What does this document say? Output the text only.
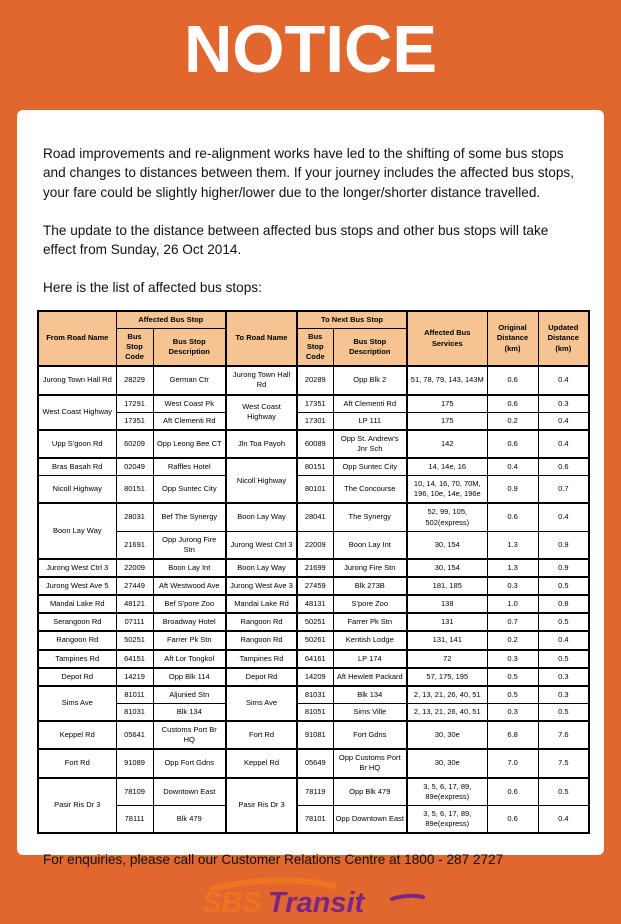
NOTICE

Road improvements and re-alignment works have led to the shifting of some bus stops and changes to distances between them. If your journey includes the affected bus stops, your fare could be slightly higher/lower due to the longer/shorter distance travelled.

The update to the distance between affected bus stops and other bus stops will take effect from Sunday, 26 Oct 2014.

Here is the list of affected bus stops:

From Road Name	Affected Bus Stop		To Road Name	To Next Bus Stop		Affected Bus Services	Original Distance (km)	Updated Distance (km)
	Bus Stop Code	Bus Stop Description		Bus Stop Code	Bus Stop Description			
Jurong Town Hall Rd	28229	German Ctr	Jurong Town Hall Rd	20289	Opp Blk 2	51, 78, 79, 143, 143M	0.6	0.4
West Coast Highway	17291	West Coast Pk	West Coast Highway	17351	Aft Clementi Rd	175	0.6	0.3
	17351	Aft Clementi Rd		17301	LP 111	175	0.2	0.4
Upp S'goon Rd	60209	Opp Leong Bee CT	Jln Toa Payoh	60089	Opp St. Andrew's Jnr Sch	142	0.6	0.4
Bras Basah Rd	02049	Raffles Hotel	Nicoll Highway	80151	Opp Suntec City	14, 14e, 16	0.4	0.6
Nicoll Highway	80151	Opp Suntec City		80101	The Concourse	10, 14, 16, 70, 70M, 196, 10e, 14e, 196e	0.9	0.7
Boon Lay Way	28031	Bef The Synergy	Boon Lay Way	28041	The Synergy	52, 99, 105, 502(express)	0.6	0.4
	21691	Opp Jurong Fire Stn	Jurong West Ctrl 3	22009	Boon Lay Int	30, 154	1.3	0.9
Jurong West Ctrl 3	22009	Boon Lay Int	Boon Lay Way	21699	Jurong Fire Stn	30, 154	1.3	0.9
Jurong West Ave 5	27449	Aft Westwood Ave	Jurong West Ave 3	27459	Blk 273B	181, 185	0.3	0.5
Mandai Lake Rd	48121	Bef S'pore Zoo	Mandai Lake Rd	48131	S'pore Zoo	138	1.0	0.8
Serangoon Rd	07111	Broadway Hotel	Rangoon Rd	50251	Farrer Pk Stn	131	0.7	0.5
Rangoon Rd	50251	Farrer Pk Stn	Rangoon Rd	50261	Kentish Lodge	131, 141	0.2	0.4
Tampines Rd	64151	Aft Lor Tongkol	Tampines Rd	64161	LP 174	72	0.3	0.5
Depot Rd	14219	Opp Blk 114	Depot Rd	14209	Aft Hewlett Packard	57, 175, 195	0.5	0.3
Sims Ave	81011	Aljunied Stn	Sims Ave	81031	Blk 134	2, 13, 21, 26, 40, 51	0.5	0.3
	81031	Blk 134		81051	Sims Ville	2, 13, 21, 26, 40, 51	0.3	0.5
Keppel Rd	05641	Customs Port Br HQ	Fort Rd	91081	Fort Gdns	30, 30e	6.8	7.6
Fort Rd	91089	Opp Fort Gdns	Keppel Rd	05649	Opp Customs Port Br HQ	30, 30e	7.0	7.5
Pasir Ris Dr 3	78109	Downtown East	Pasir Ris Dr 3	78119	Opp Blk 479	3, 5, 6, 17, 89, 89e(express)	0.6	0.5
	78111	Blk 479		78101	Opp Downtown East	3, 5, 6, 17, 89, 89e(express)	0.6	0.4

For enquiries, please call our Customer Relations Centre at 1800 - 287 2727

SBS Transit
